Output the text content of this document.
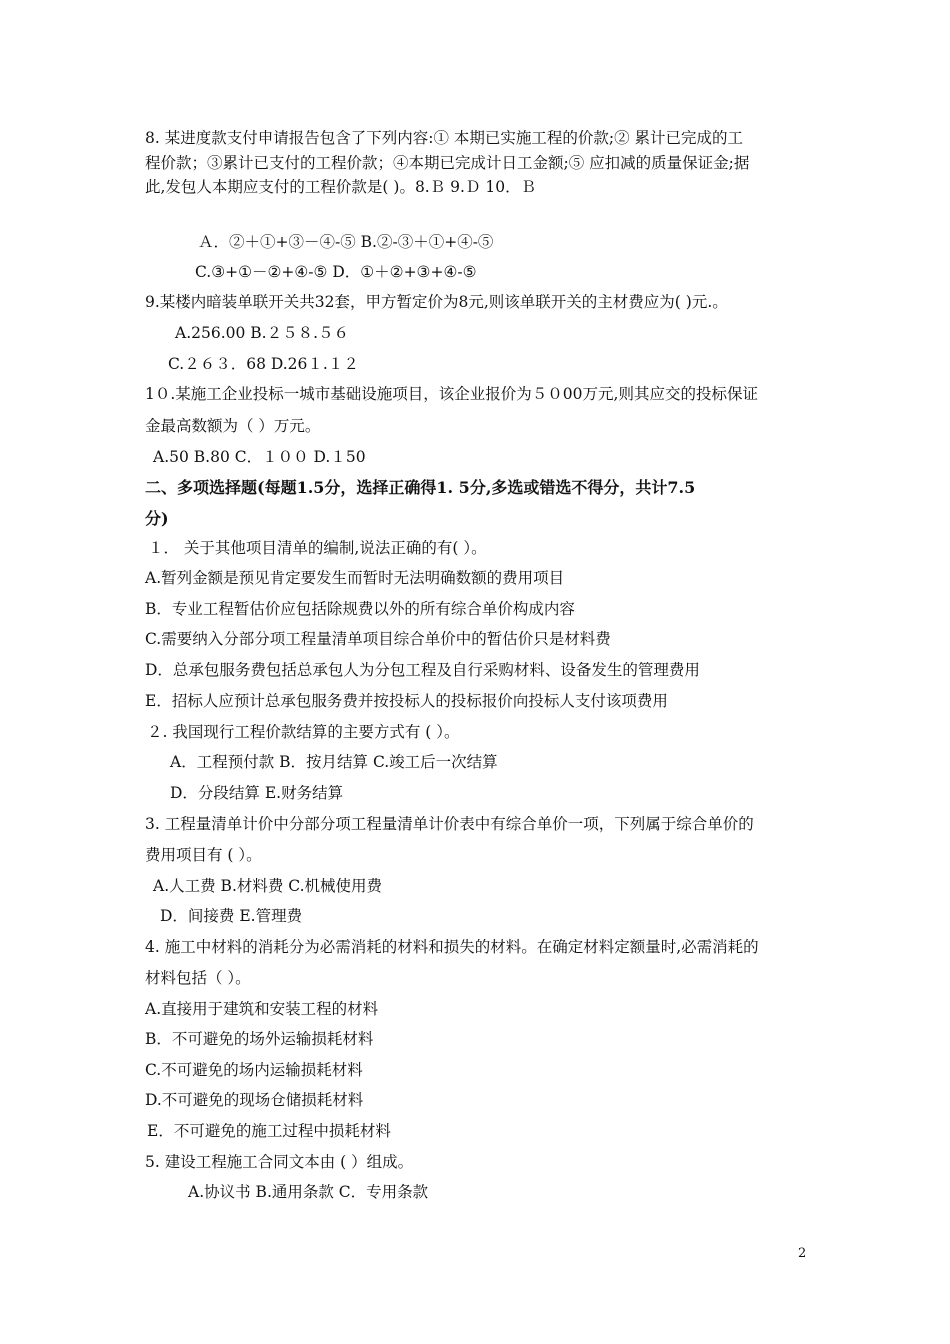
8. 某进度款支付申请报告包含了下列内容:① 本期已实施工程的价款;② 累计已完成的工
程价款；③累计已支付的工程价款；④本期已完成计日工金额;⑤ 应扣减的质量保证金;据
此,发包人本期应支付的工程价款是( )。8.Ｂ 9.Ｄ 10．Ｂ
Ａ．②＋①+③－④-⑤ B.②-③＋①+④-⑤
C.③+①－②+④-⑤ D．①＋②+③+④-⑤
9.某楼内暗装单联开关共32套，甲方暂定价为8元,则该单联开关的主材费应为( )元.。
A.256.00 B.２５８.５６
C.２６３．68 D.26１.１２
1０.某施工企业投标一城市基础设施项目，该企业报价为５０00万元,则其应交的投标保证
金最高数额为（ ）万元。
A.50 B.80 C．１００ D.１50
二、多项选择题(每题1.5分，选择正确得1. 5分,多选或错选不得分，共计7.5
分)
１． 关于其他项目清单的编制,说法正确的有( ）。
A.暂列金额是预见肯定要发生而暂时无法明确数额的费用项目
B．专业工程暂估价应包括除规费以外的所有综合单价构成内容
C.需要纳入分部分项工程量清单项目综合单价中的暂估价只是材料费
D．总承包服务费包括总承包人为分包工程及自行采购材料、设备发生的管理费用
E．招标人应预计总承包服务费并按投标人的投标报价向投标人支付该项费用
２. 我国现行工程价款结算的主要方式有 ( ）。
A．工程预付款 B．按月结算 C.竣工后一次结算
D．分段结算 E.财务结算
3. 工程量清单计价中分部分项工程量清单计价表中有综合单价一项，下列属于综合单价的
费用项目有 ( ）。
A.人工费 B.材料费 C.机械使用费
D．间接费 E.管理费
4. 施工中材料的消耗分为必需消耗的材料和损失的材料。在确定材料定额量时,必需消耗的
材料包括（ ）。
A.直接用于建筑和安装工程的材料
B．不可避免的场外运输损耗材料
C.不可避免的场内运输损耗材料
D.不可避免的现场仓储损耗材料
E．不可避免的施工过程中损耗材料
5. 建设工程施工合同文本由 ( ）组成。
A.协议书 B.通用条款 C．专用条款
2
